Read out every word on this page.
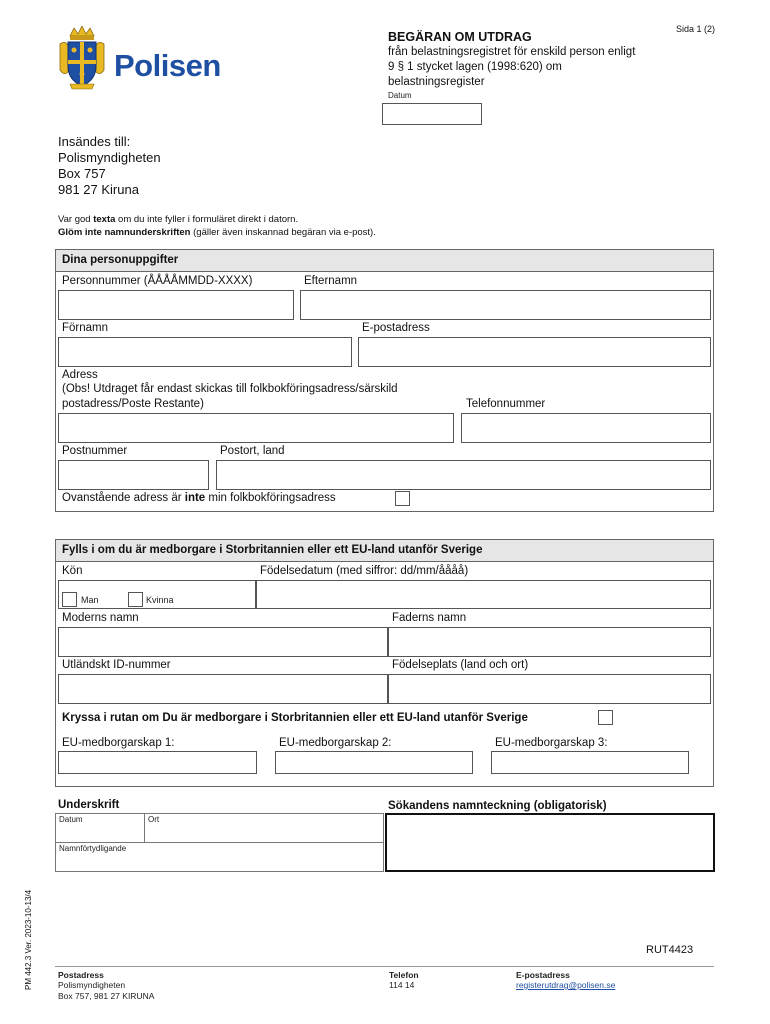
Sida 1 (2)
Polisen
BEGÄRAN OM UTDRAG
från belastningsregistret för enskild person enligt
9 § 1 stycket lagen (1998:620) om
belastningsregister
Datum
Insändes till:
Polismyndigheten
Box 757
981 27 Kiruna
Var god texta om du inte fyller i formuläret direkt i datorn.
Glöm inte namnunderskriften (gäller även inskannad begäran via e-post).
Dina personuppgifter
Personnummer (ÅÅÅÅMMDD-XXXX)	Efternamn
Förnamn	E-postadress
Adress
(Obs! Utdraget får endast skickas till folkbokföringsadress/särskild
postadress/Poste Restante)	Telefonnummer
Postnummer	Postort, land
Ovanstående adress är inte min folkbokföringsadress
Fylls i om du är medborgare i Storbritannien eller ett EU-land utanför Sverige
Kön	Födelsedatum (med siffror: dd/mm/åååå)
Man	Kvinna
Moderns namn	Faderns namn
Utländskt ID-nummer	Födelseplats (land och ort)
Kryssa i rutan om Du är medborgare i Storbritannien eller ett EU-land utanför Sverige
EU-medborgarskap 1:	EU-medborgarskap 2:	EU-medborgarskap 3:
Underskrift	Sökandens namnteckning (obligatorisk)
Datum	Ort
Namnförtydligande
PM 442.3 Ver. 2023-10-13/4	RUT4423
Postadress
Polismyndigheten
Box 757, 981 27 KIRUNA
Telefon
114 14
E-postadress
registerutdrag@polisen.se
